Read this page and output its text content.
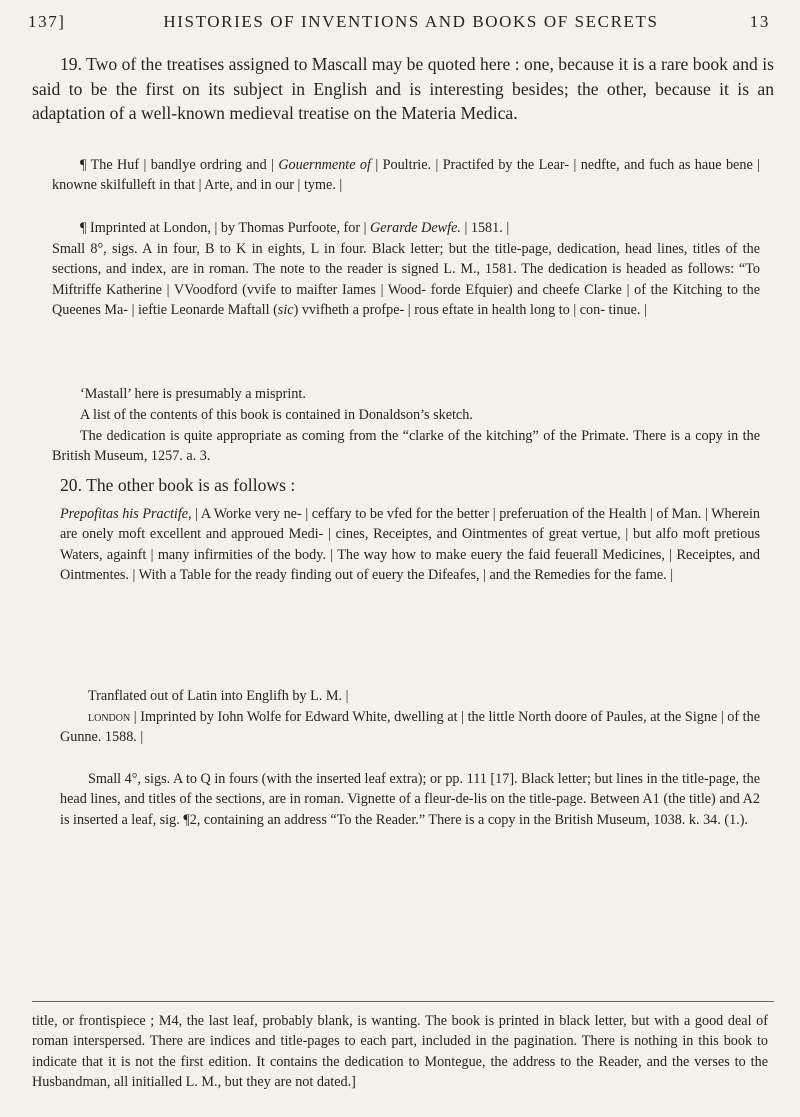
137]	HISTORIES OF INVENTIONS AND BOOKS OF SECRETS	13

19. Two of the treatises assigned to Mascall may be quoted here : one, because it is a rare book and is said to be the first on its subject in English and is interesting besides; the other, because it is an adaptation of a well-known medieval treatise on the Materia Medica.

¶ The Huf | bandlye ordring and | Gouernmente of | Poultrie. | Practifed by the Lear- | nedfte, and fuch as haue bene | knowne skilfulleft in that | Arte, and in our | tyme. |

¶ Imprinted at London, | by Thomas Purfoote, for | Gerarde Dewfe. | 1581. |

Small 8°, sigs. A in four, B to K in eights, L in four. Black letter; but the title-page, dedication, head lines, titles of the sections, and index, are in roman. The note to the reader is signed L. M., 1581. The dedication is headed as follows: “To Miftriffe Katherine | VVoodford (vvife to maifter Iames | Wood- forde Efquier) and cheefe Clarke | of the Kitching to the Queenes Ma- | ieftie Leonarde Maftall (sic) vvifheth a profpe- | rous eftate in health long to | con- tinue. |

‘Mastall’ here is presumably a misprint.

A list of the contents of this book is contained in Donaldson’s sketch.

The dedication is quite appropriate as coming from the “clarke of the kitching” of the Primate. There is a copy in the British Museum, 1257. a. 3.

20. The other book is as follows :

Prepofitas his Practife, | A Worke very ne- | ceffary to be vfed for the better | preferuation of the Health | of Man. | Wherein are onely moft excellent and approued Medi- | cines, Receiptes, and Ointmentes of great vertue, | but alfo moft pretious Waters, againft | many infirmities of the body. | The way how to make euery the faid feuerall Medicines, | Receiptes, and Ointmentes. | With a Table for the ready finding out of euery the Difeafes, | and the Remedies for the fame. |

Tranflated out of Latin into Englifh by L. M. |

london | Imprinted by Iohn Wolfe for Edward White, dwelling at | the little North doore of Paules, at the Signe | of the Gunne. 1588. |

Small 4°, sigs. A to Q in fours (with the inserted leaf extra); or pp. 111 [17]. Black letter; but lines in the title-page, the head lines, and titles of the sections, are in roman. Vignette of a fleur-de-lis on the title-page. Between A1 (the title) and A2 is inserted a leaf, sig. ¶2, containing an address “To the Reader.” There is a copy in the British Museum, 1038. k. 34. (1.).

title, or frontispiece ; M4, the last leaf, probably blank, is wanting. The book is printed in black letter, but with a good deal of roman interspersed. There are indices and title-pages to each part, included in the pagination. There is nothing in this book to indicate that it is not the first edition. It contains the dedication to Montegue, the address to the Reader, and the verses to the Husbandman, all initialled L. M., but they are not dated.]
